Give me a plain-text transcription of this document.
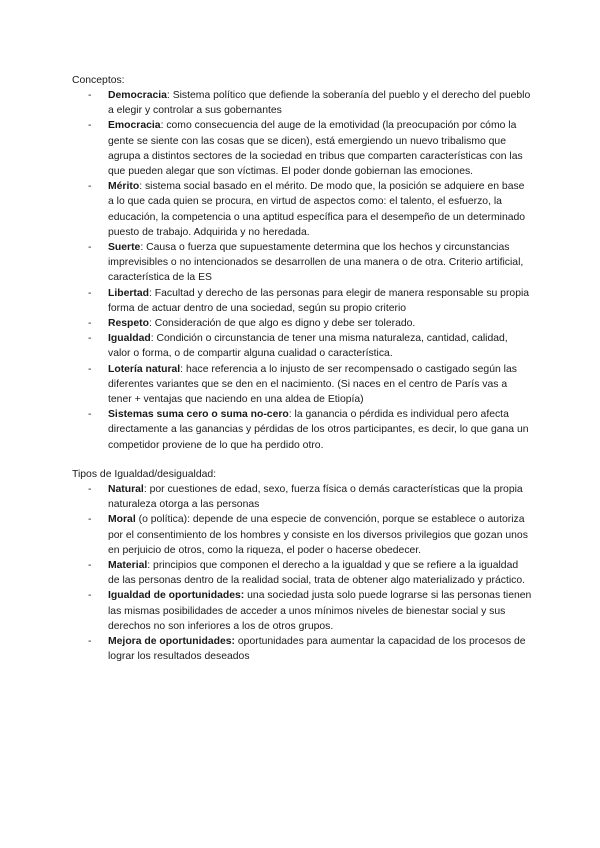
Conceptos:
- Democracia: Sistema político que defiende la soberanía del pueblo y el derecho del pueblo a elegir y controlar a sus gobernantes
- Emocracia: como consecuencia del auge de la emotividad (la preocupación por cómo la gente se siente con las cosas que se dicen), está emergiendo un nuevo tribalismo que agrupa a distintos sectores de la sociedad en tribus que comparten características con las que pueden alegar que son víctimas. El poder donde gobiernan las emociones.
- Mérito: sistema social basado en el mérito. De modo que, la posición se adquiere en base a lo que cada quien se procura, en virtud de aspectos como: el talento, el esfuerzo, la educación, la competencia o una aptitud específica para el desempeño de un determinado puesto de trabajo. Adquirida y no heredada.
- Suerte: Causa o fuerza que supuestamente determina que los hechos y circunstancias imprevisibles o no intencionados se desarrollen de una manera o de otra. Criterio artificial, característica de la ES
- Libertad: Facultad y derecho de las personas para elegir de manera responsable su propia forma de actuar dentro de una sociedad, según su propio criterio
- Respeto: Consideración de que algo es digno y debe ser tolerado.
- Igualdad: Condición o circunstancia de tener una misma naturaleza, cantidad, calidad, valor o forma, o de compartir alguna cualidad o característica.
- Lotería natural: hace referencia a lo injusto de ser recompensado o castigado según las diferentes variantes que se den en el nacimiento. (Si naces en el centro de París vas a tener + ventajas que naciendo en una aldea de Etiopía)
- Sistemas suma cero o suma no-cero: la ganancia o pérdida es individual pero afecta directamente a las ganancias y pérdidas de los otros participantes, es decir, lo que gana un competidor proviene de lo que ha perdido otro.
Tipos de Igualdad/desigualdad:
- Natural: por cuestiones de edad, sexo, fuerza física o demás características que la propia naturaleza otorga a las personas
- Moral (o política): depende de una especie de convención, porque se establece o autoriza por el consentimiento de los hombres y consiste en los diversos privilegios que gozan unos en perjuicio de otros, como la riqueza, el poder o hacerse obedecer.
- Material: principios que componen el derecho a la igualdad y que se refiere a la igualdad de las personas dentro de la realidad social, trata de obtener algo materializado y práctico.
- Igualdad de oportunidades: una sociedad justa solo puede lograrse si las personas tienen las mismas posibilidades de acceder a unos mínimos niveles de bienestar social y sus derechos no son inferiores a los de otros grupos.
- Mejora de oportunidades: oportunidades para aumentar la capacidad de los procesos de lograr los resultados deseados
